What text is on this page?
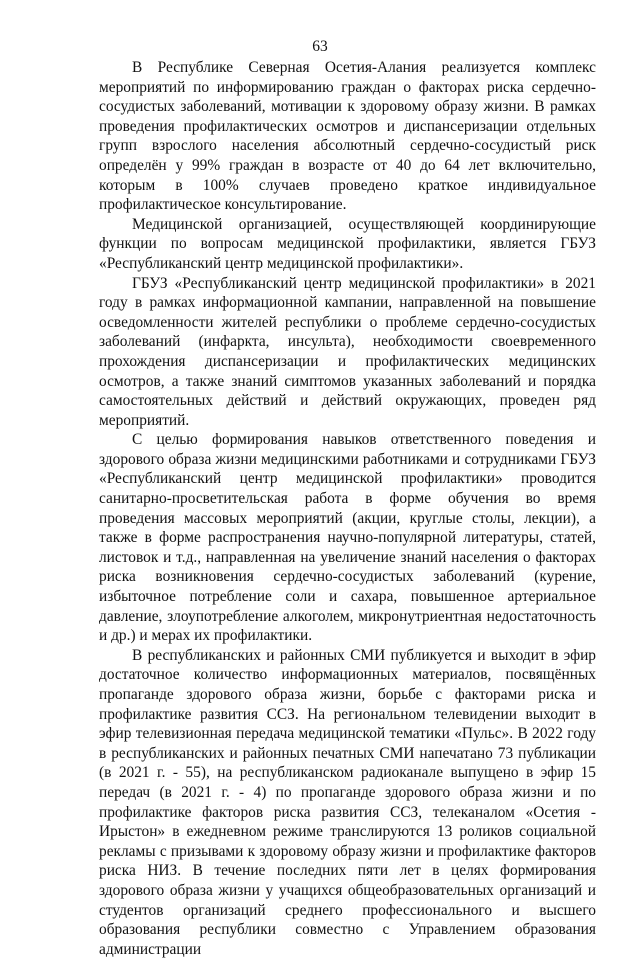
63

В Республике Северная Осетия-Алания реализуется комплекс мероприятий по информированию граждан о факторах риска сердечно-сосудистых заболеваний, мотивации к здоровому образу жизни. В рамках проведения профилактических осмотров и диспансеризации отдельных групп взрослого населения абсолютный сердечно-сосудистый риск определён у 99% граждан в возрасте от 40 до 64 лет включительно, которым в 100% случаев проведено краткое индивидуальное профилактическое консультирование.

Медицинской организацией, осуществляющей координирующие функции по вопросам медицинской профилактики, является ГБУЗ «Республиканский центр медицинской профилактики».

ГБУЗ «Республиканский центр медицинской профилактики» в 2021 году в рамках информационной кампании, направленной на повышение осведомленности жителей республики о проблеме сердечно-сосудистых заболеваний (инфаркта, инсульта), необходимости своевременного прохождения диспансеризации и профилактических медицинских осмотров, а также знаний симптомов указанных заболеваний и порядка самостоятельных действий и действий окружающих, проведен ряд мероприятий.

С целью формирования навыков ответственного поведения и здорового образа жизни медицинскими работниками и сотрудниками ГБУЗ «Республиканский центр медицинской профилактики» проводится санитарно-просветительская работа в форме обучения во время проведения массовых мероприятий (акции, круглые столы, лекции), а также в форме распространения научно-популярной литературы, статей, листовок и т.д., направленная на увеличение знаний населения о факторах риска возникновения сердечно-сосудистых заболеваний (курение, избыточное потребление соли и сахара, повышенное артериальное давление, злоупотребление алкоголем, микронутриентная недостаточность и др.) и мерах их профилактики.

В республиканских и районных СМИ публикуется и выходит в эфир достаточное количество информационных материалов, посвящённых пропаганде здорового образа жизни, борьбе с факторами риска и профилактике развития ССЗ. На региональном телевидении выходит в эфир телевизионная передача медицинской тематики «Пульс». В 2022 году в республиканских и районных печатных СМИ напечатано 73 публикации (в 2021 г. - 55), на республиканском радиоканале выпущено в эфир 15 передач (в 2021 г. - 4) по пропаганде здорового образа жизни и по профилактике факторов риска развития ССЗ, телеканалом «Осетия - Ирыстон» в ежедневном режиме транслируются 13 роликов социальной рекламы с призывами к здоровому образу жизни и профилактике факторов риска НИЗ. В течение последних пяти лет в целях формирования здорового образа жизни у учащихся общеобразовательных организаций и студентов организаций среднего профессионального и высшего образования республики совместно с Управлением образования администрации
